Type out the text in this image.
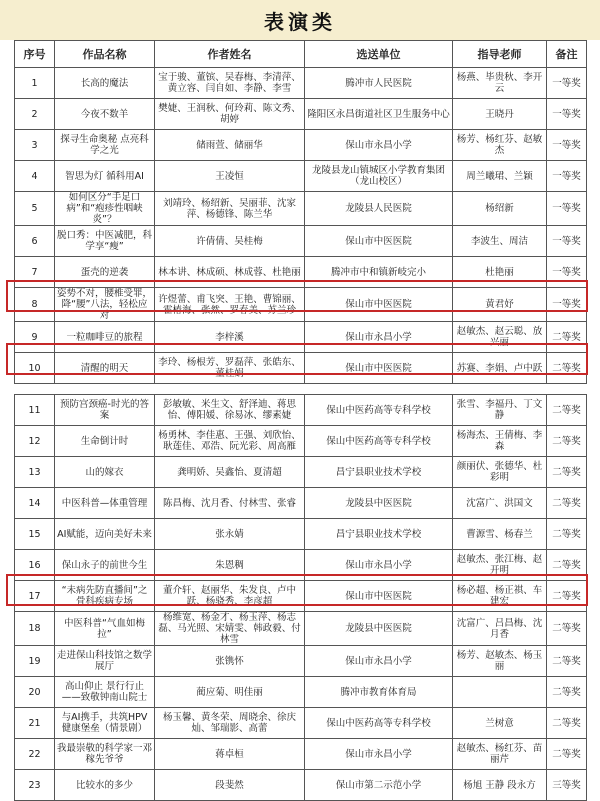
表演类
序号	作品名称	作者姓名	选送单位	指导老师	备注
1	长高的魔法	宝于骏、董镔、吴春梅、李清萍、黄立容、闫自如、李静、李雪	腾冲市人民医院	杨燕、毕贵秋、李开云	一等奖
2	今夜不数羊	樊婕、王润秋、何玲莉、陈文秀、胡婷	隆阳区永昌街道社区卫生服务中心	王晓丹	一等奖
3	探寻生命奥秘 点亮科学之光	储雨萱、储丽华	保山市永昌小学	杨芳、杨红芬、赵敏杰	一等奖
4	智思为灯 循科用AI	王凌恒	龙陵县龙山镇城区小学教育集团（龙山校区）	周兰曦珺、兰颖	一等奖
5	如何区分“手足口病”和“疱疹性咽峡炎”？	刘靖玲、杨绍新、吴丽菲、沈家萍、杨德锋、陈兰华	龙陵县人民医院	杨绍新	一等奖
6	脱口秀：中医减肥，科学享“瘦”	许倩倩、吴桂梅	保山市中医医院	李波生、周洁	一等奖
7	蛋壳的逆袭	林本讲、林成硕、林成蓉、杜艳丽	腾冲市中和镇新岐完小	杜艳丽	一等奖
8	姿势不对，腰椎受罪，降“腰”八法，轻松应对	许煜蕾、甫飞突、王艳、曹锦丽、霍椿海、张然、罗春美、苏兰珍	保山市中医医院	黄君妤	一等奖
9	一粒咖啡豆的旅程	李梓溪	保山市永昌小学	赵敏杰、赵云聪、放兴丽	二等奖
10	清醒的明天	李玲、杨根芳、罗磊萍、张皓东、董桂娟	保山市中医医院	苏赛、李娟、卢中跃	二等奖

11	预防宫颈癌-时光的答案	彭敏敏、米生文、舒泽迪、蒋思怡、傅阳媛、徐易冰、缪素婕	保山中医药高等专科学校	张雪、李福丹、丁文静	二等奖
12	生命倒计时	杨勇林、李佳惠、王强、刘欣怡、耿莲佳、邓浩、阮光彩、周高雁	保山中医药高等专科学校	杨海杰、王倩梅、李森	二等奖
13	山的嫁衣	龚明娇、吴鑫怡、夏清超	昌宁县职业技术学校	颜丽伏、张德华、杜彩明	二等奖
14	中医科普—体重管理	陈昌梅、沈月香、付林雪、张睿	龙陵县中医医院	沈富广、洪国文	二等奖
15	AI赋能，迈向美好未来	张永婧	昌宁县职业技术学校	曹源雪、杨春兰	二等奖
16	保山永子的前世今生	朱恩稠	保山市永昌小学	赵敏杰、张江梅、赵开明	二等奖
17	“未病先防直播间”之骨科疾病专场	董介轩、赵丽华、朱发良、卢中跃、杨骁秀、李彦超	保山市中医医院	杨必超、杨正祺、车建宏	二等奖
18	中医科普“气血如梅拉”	杨维宽、杨金才、杨玉萍、杨志磊、马光照、宋婧雯、韩政毅、付林雪	龙陵县中医医院	沈富广、吕昌梅、沈月香	二等奖
19	走进保山科技馆之数学展厅	张镌怀	保山市永昌小学	杨芳、赵敏杰、杨玉丽	二等奖
20	高山仰止 景行行止——致敬钟南山院士	蔺应菊、明佳丽	腾冲市教育体育局		二等奖
21	与AI携手，共筑HPV健康堡垒（情景剧）	杨玉馨、黄冬荣、周晓余、徐庆灿、邹瑞影、高蕾	保山中医药高等专科学校	兰树意	二等奖
22	我最崇敬的科学家一邓稼先爷爷	蒋卓桓	保山市永昌小学	赵敏杰、杨红芬、苗丽芹	二等奖
23	比较水的多少	段斐然	保山市第二示范小学	杨旭 王静 段永方	三等奖
